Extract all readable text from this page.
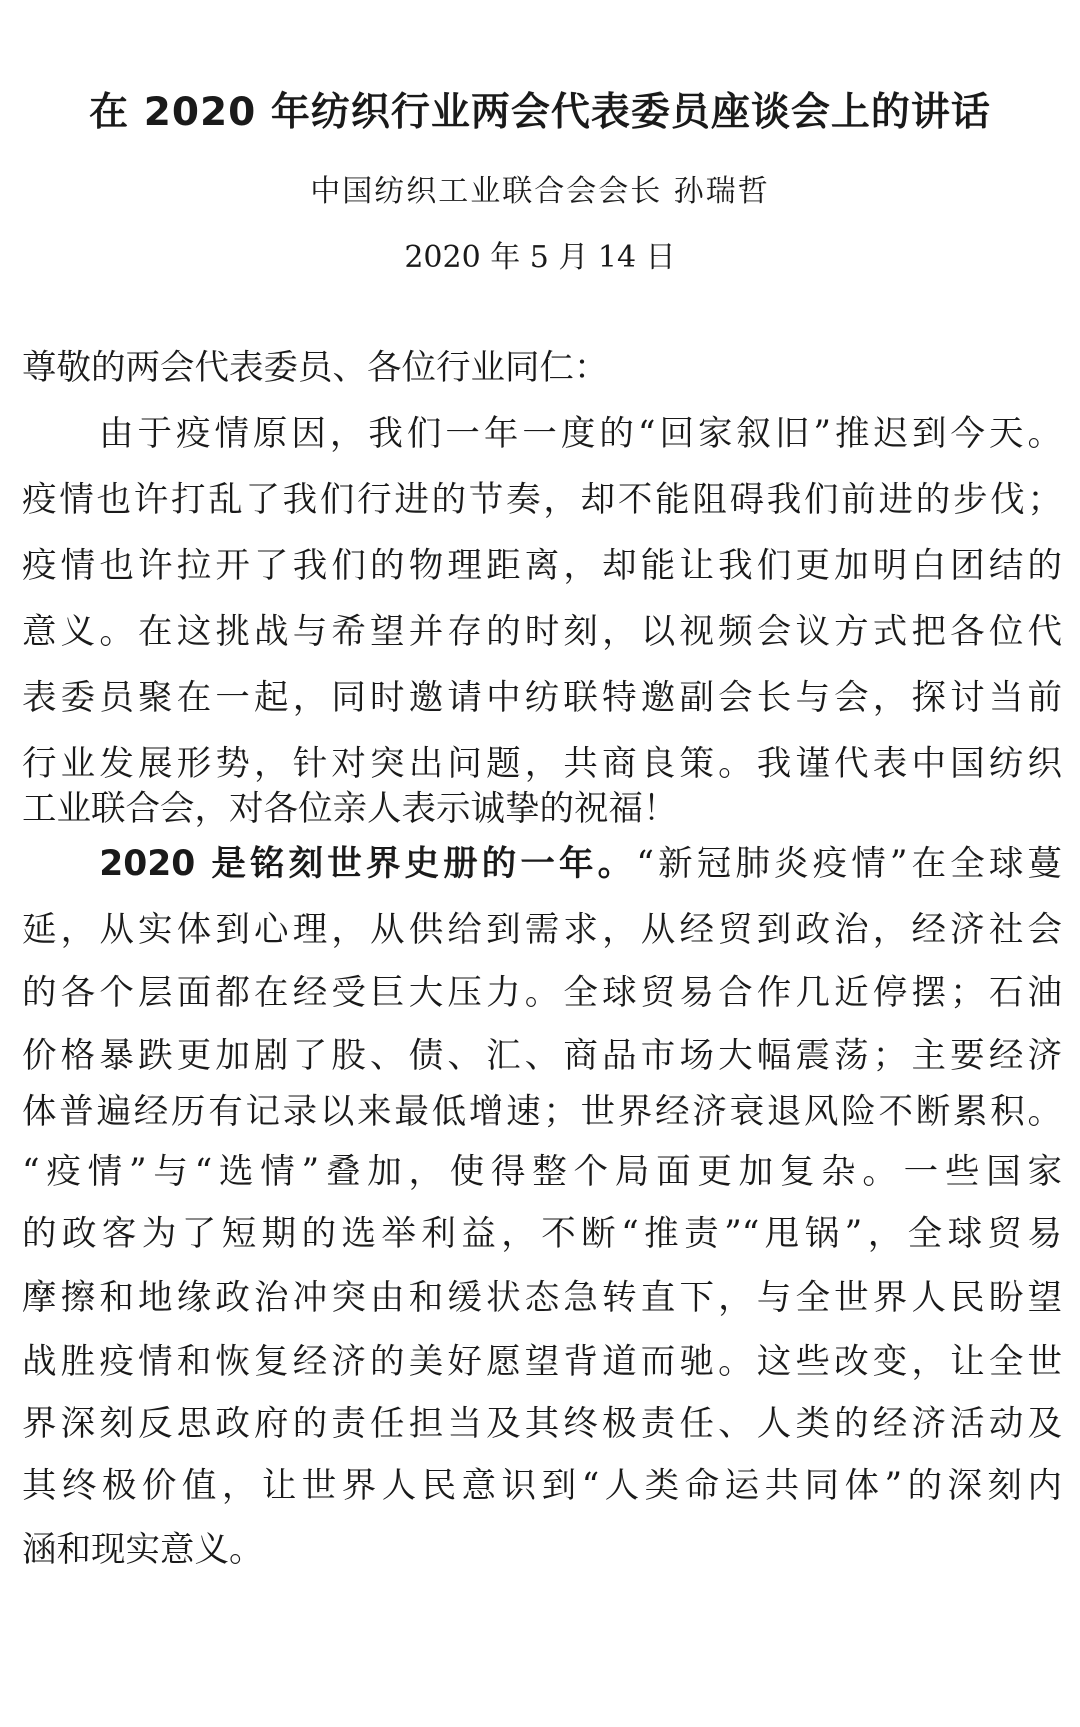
在 2020 年纺织行业两会代表委员座谈会上的讲话
中国纺织工业联合会会长 孙瑞哲
2020 年 5 月 14 日
尊敬的两会代表委员、各位行业同仁：
　　由于疫情原因，我们一年一度的“回家叙旧”推迟到今天。
疫情也许打乱了我们行进的节奏，却不能阻碍我们前进的步伐；
疫情也许拉开了我们的物理距离，却能让我们更加明白团结的
意义。在这挑战与希望并存的时刻，以视频会议方式把各位代
表委员聚在一起，同时邀请中纺联特邀副会长与会，探讨当前
行业发展形势，针对突出问题，共商良策。我谨代表中国纺织
工业联合会，对各位亲人表示诚挚的祝福！
　　2020 是铭刻世界史册的一年。“新冠肺炎疫情”在全球蔓
延，从实体到心理，从供给到需求，从经贸到政治，经济社会
的各个层面都在经受巨大压力。全球贸易合作几近停摆；石油
价格暴跌更加剧了股、债、汇、商品市场大幅震荡；主要经济
体普遍经历有记录以来最低增速；世界经济衰退风险不断累积。
“疫情”与“选情”叠加，使得整个局面更加复杂。一些国家
的政客为了短期的选举利益，不断“推责”“甩锅”，全球贸易
摩擦和地缘政治冲突由和缓状态急转直下，与全世界人民盼望
战胜疫情和恢复经济的美好愿望背道而驰。这些改变，让全世
界深刻反思政府的责任担当及其终极责任、人类的经济活动及
其终极价值，让世界人民意识到“人类命运共同体”的深刻内
涵和现实意义。
